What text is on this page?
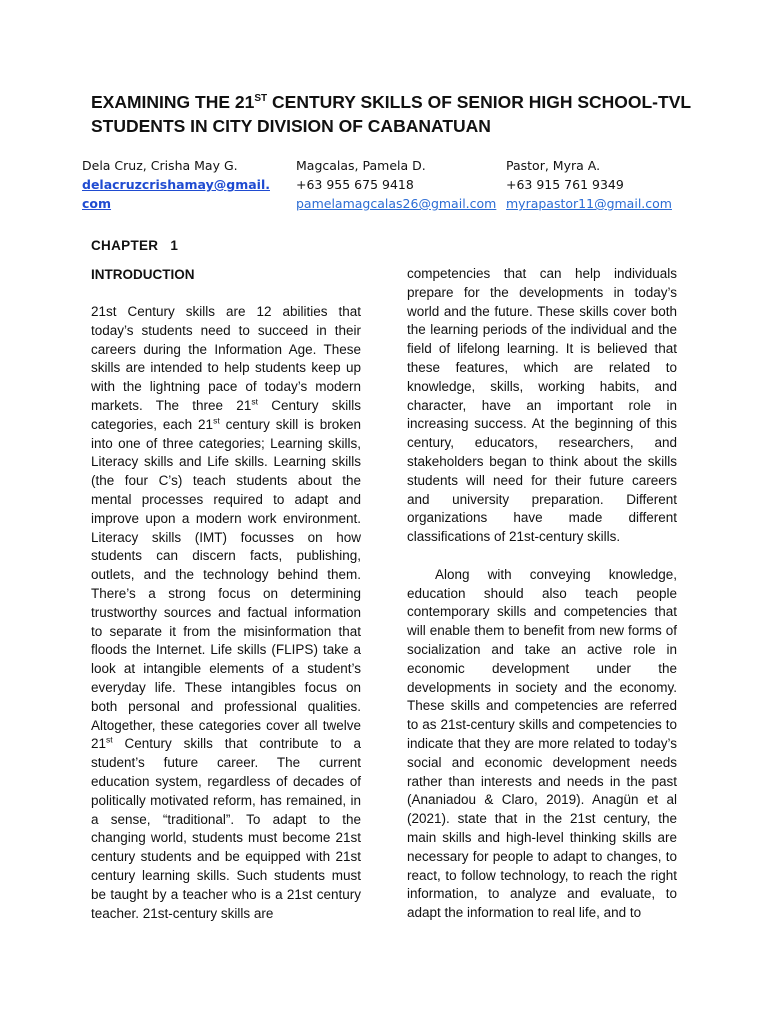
EXAMINING THE 21ST CENTURY SKILLS OF SENIOR HIGH SCHOOL-TVL STUDENTS IN CITY DIVISION OF CABANATUAN
Dela Cruz, Crisha May G.
delacruzcrishamay@gmail.com
Magcalas, Pamela D.
+63 955 675 9418
pamelamagcalas26@gmail.com
Pastor, Myra A.
+63 915 761 9349
myrapastor11@gmail.com
CHAPTER 1
INTRODUCTION

21st Century skills are 12 abilities that today’s students need to succeed in their careers during the Information Age. These skills are intended to help students keep up with the lightning pace of today’s modern markets. The three 21st Century skills categories, each 21st century skill is broken into one of three categories; Learning skills, Literacy skills and Life skills. Learning skills (the four C’s) teach students about the mental processes required to adapt and improve upon a modern work environment. Literacy skills (IMT) focusses on how students can discern facts, publishing, outlets, and the technology behind them. There’s a strong focus on determining trustworthy sources and factual information to separate it from the misinformation that floods the Internet. Life skills (FLIPS) take a look at intangible elements of a student’s everyday life. These intangibles focus on both personal and professional qualities. Altogether, these categories cover all twelve 21st Century skills that contribute to a student’s future career. The current education system, regardless of decades of politically motivated reform, has remained, in a sense, “traditional”. To adapt to the changing world, students must become 21st century students and be equipped with 21st century learning skills. Such students must be taught by a teacher who is a 21st century teacher. 21st-century skills are

competencies that can help individuals prepare for the developments in today’s world and the future. These skills cover both the learning periods of the individual and the field of lifelong learning. It is believed that these features, which are related to knowledge, skills, working habits, and character, have an important role in increasing success. At the beginning of this century, educators, researchers, and stakeholders began to think about the skills students will need for their future careers and university preparation. Different organizations have made different classifications of 21st-century skills.

Along with conveying knowledge, education should also teach people contemporary skills and competencies that will enable them to benefit from new forms of socialization and take an active role in economic development under the developments in society and the economy. These skills and competencies are referred to as 21st-century skills and competencies to indicate that they are more related to today’s social and economic development needs rather than interests and needs in the past (Ananiadou & Claro, 2019). Anagün et al (2021). state that in the 21st century, the main skills and high-level thinking skills are necessary for people to adapt to changes, to react, to follow technology, to reach the right information, to analyze and evaluate, to adapt the information to real life, and to
